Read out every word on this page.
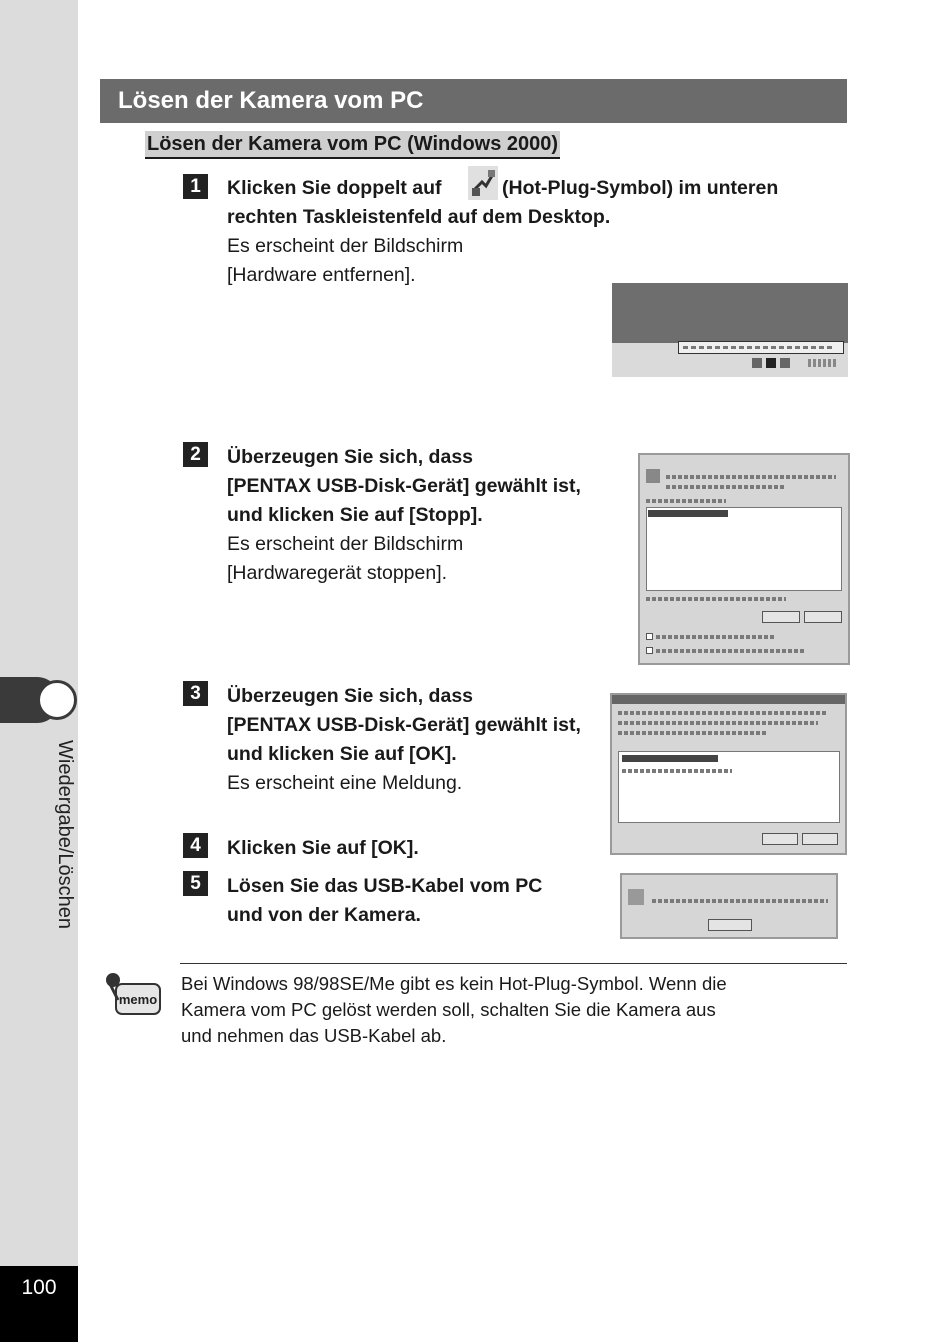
Wiedergabe/Löschen
100
Lösen der Kamera vom PC
Lösen der Kamera vom PC (Windows 2000)
1	Klicken Sie doppelt auf	(Hot-Plug-Symbol) im unteren
rechten Taskleistenfeld auf dem Desktop.
Es erscheint der Bildschirm
[Hardware entfernen].
2	Überzeugen Sie sich, dass
[PENTAX USB-Disk-Gerät] gewählt ist,
und klicken Sie auf [Stopp].
Es erscheint der Bildschirm
[Hardwaregerät stoppen].
3	Überzeugen Sie sich, dass
[PENTAX USB-Disk-Gerät] gewählt ist,
und klicken Sie auf [OK].
Es erscheint eine Meldung.
4	Klicken Sie auf [OK].
5	Lösen Sie das USB-Kabel vom PC
und von der Kamera.
memo
Bei Windows 98/98SE/Me gibt es kein Hot-Plug-Symbol. Wenn die
Kamera vom PC gelöst werden soll, schalten Sie die Kamera aus
und nehmen das USB-Kabel ab.
